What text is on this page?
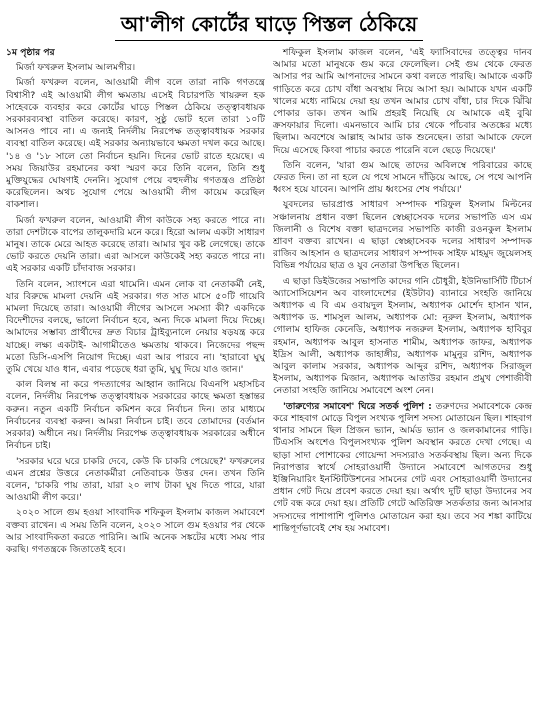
আ'লীগ কোর্টের ঘাড়ে পিস্তল ঠেকিয়ে

১ম পৃষ্ঠার পর

মির্জা ফখরুল ইসলাম আলমগীর।

মির্জা ফখরুল বলেন, আওয়ামী লীগ বলে তারা নাকি গণতন্ত্রে বিশ্বাসী? এই আওয়ামী লীগ ক্ষমতায় এসেই বিচারপতি খায়রুল হক সাহেবকে ব্যবহার করে কোর্টের ঘাড়ে পিস্তল ঠেকিয়ে তত্ত্বাবধায়ক সরকারব্যবস্থা বাতিল করেছে। কারণ, সুষ্ঠু ভোট হলে তারা ১০টি আসনও পাবে না। এ জন্যই নির্দলীয় নিরপেক্ষ তত্ত্বাবধায়ক সরকার ব্যবস্থা বাতিল করেছে। এই সরকার অন্যায়ভাবে ক্ষমতা দখল করে আছে। '১৪ ও '১৮ সালে তো নির্বাচন হয়নি। দিনের ভোট রাতে হয়েছে। এ সময় জিয়াউর রহমানের কথা স্মরণ করে তিনি বলেন, তিনি শুধু মুক্তিযুদ্ধের ঘোষণাই দেননি। সুযোগ পেয়ে বহুদলীয় গণতন্ত্রও প্রতিষ্ঠা করেছিলেন। অথচ সুযোগ পেয়ে আওয়ামী লীগ কায়েম করেছিল বাকশাল।

মির্জা ফখরুল বলেন, আওয়ামী লীগ কাউকে সহ্য করতে পারে না। তারা দেশটাকে বাপের তালুকদারি মনে করে। হিরো আলম একটা সাধারণ মানুষ। তাকে মেরে আহত করেছে তারা। আমার খুব কষ্ট লেগেছে। তাকে ভোট করতে দেয়নি তারা। এরা আসলে কাউকেই সহ্য করতে পারে না। এই সরকার একটি চাঁদাবাজ সরকার।

তিনি বলেন, স্যাংশনে এরা থামেনি। এমন লোক বা নেতাকর্মী নেই, যার বিরুদ্ধে মামলা দেয়নি এই সরকার। গত সাত মাসে ৫০টি গায়েবি মামলা দিয়েছে তারা। আওয়ামী লীগের আসলে সমস্যা কী? একদিকে বিদেশীদের বলছে, ভালো নির্বাচন হবে, অন্য দিকে মামলা দিয়ে দিচ্ছে। আমাদের সম্ভাব্য প্রার্থীদের দ্রুত বিচার ট্রাইব্যুনালে নেয়ার ষড়যন্ত্র করে যাচ্ছে। লক্ষ্য একটাই- আগামীতেও ক্ষমতায় থাকবে। নিজেদের পছন্দ মতো ডিসি-এসপি নিয়োগ দিচ্ছে। এরা আর পারবে না। 'হারাবো ঘুঘু তুমি খেয়ে যাও ধান, এবার পড়েছে ধরা তুমি, ঘুঘু দিয়ে যাও জান।'

কাল বিলম্ব না করে পদত্যাগের আহ্বান জানিয়ে বিএনপি মহাসচিব বলেন, নির্দলীয় নিরপেক্ষ তত্ত্বাবধায়ক সরকারের কাছে ক্ষমতা হস্তান্তর করুন। নতুন একটি নির্বাচন কমিশন করে নির্বাচন দিন। তার মাধ্যমে নির্বাচনের ব্যবস্থা করুন। আমরা নির্বাচন চাই। তবে তোমাদের (বর্তমান সরকার) অধীনে নয়। নির্দলীয় নিরপেক্ষ তত্ত্বাবধায়ক সরকারের অধীনে নির্বাচন চাই।

'সরকার ঘরে ঘরে চাকরি দেবে, কেউ কি চাকরি পেয়েছে?' ফখরুলের এমন প্রশ্নের উত্তরে নেতাকর্মীরা নেতিবাচক উত্তর দেন। তখন তিনি বলেন, 'চাকরি পায় তারা, যারা ২০ লাখ টাকা ঘুষ দিতে পারে, যারা আওয়ামী লীগ করে।'

২০২০ সালে গুম হওয়া সাংবাদিক শফিকুল ইসলাম কাজল সমাবেশে বক্তব্য রাখেন। এ সময় তিনি বলেন, ২০২০ সালে গুম হওয়ার পর থেকে আর সাংবাদিকতা করতে পারিনি। আমি অনেক সঙ্কটের মধ্যে সময় পার করছি। গণতন্ত্রকে জিতাতেই হবে।

শফিকুল ইসলাম কাজল বলেন, 'এই ফ্যাসিবাদের তত্ত্বের দানব আমার মতো মানুষকে গুম করে ফেলেছিল। সেই গুম থেকে ফেরত আসার পর আমি আপনাদের সামনে কথা বলতে পারছি। আমাকে একটি গাড়িতে করে চোখ বাঁধা অবস্থায় নিয়ে আসা হয়। আমাকে যখন একটি খালের মধ্যে নামিয়ে দেয়া হয় তখন আমার চোখ বাঁধা, চার দিকে ঝিঁঝি পোকার ডাক। তখন আমি প্রহরই নিয়েছি যে আমাকে এই বুঝি ক্রসফায়ার দিলো। এমনভাবে আমি চার থেকে পাঁচবার অতঙ্কের মধ্যে ছিলাম। অবশেষে আল্লাহ আমার ডাক শুনেছেন। তারা আমাকে ফেলে দিয়ে এসেছে কিংবা পাচার করতে পারেনি বলে ছেড়ে দিয়েছে।'

তিনি বলেন, 'যারা গুম আছে তাদের অবিলম্বে পরিবারের কাছে ফেরত দিন। তা না হলে যে পথে সামনে দাঁড়িয়ে আছে, সে পথে আপনি ধ্বংস হয়ে যাবেন। আপনি প্রায় ধ্বংসের শেষ পর্যায়ে।'

যুবদলের ভারপ্রাপ্ত সাধারণ সম্পাদক শরিফুল ইসলাম মিল্টনের সঞ্চালনায় প্রধান বক্তা ছিলেন স্বেচ্ছাসেবক দলের সভাপতি এস এম জিলানী ও বিশেষ বক্তা ছাত্রদলের সভাপতি কাজী রওনকুল ইসলাম শ্রাবণ বক্তব্য রাখেন। এ ছাড়া স্বেচ্ছাসেবক দলের সাধারণ সম্পাদক রাজিব আহসান ও ছাত্রদলের সাধারণ সম্পাদক সাইফ মাহমুদ জুয়েলসহ বিভিন্ন পর্যায়ের ছাত্র ও যুব নেতারা উপস্থিত ছিলেন।

এ ছাড়া ডিইউজের সভাপতি কাদের গনি চৌধুরী, ইউনিভার্সিটি টিচার্স অ্যাসোসিয়েশন অব বাংলাদেশের (ইউটাব) ব্যানারে সংহতি জানিয়ে অধ্যাপক এ বি এম ওবায়দুল ইসলাম, অধ্যাপক মোর্শেদ হাসান খান, অধ্যাপক ড. শামসুল আলম, অধ্যাপক মো: নূরুল ইসলাম, অধ্যাপক গোলাম হাফিজ কেনেডি, অধ্যাপক নজরুল ইসলাম, অধ্যাপক হাবিবুর রহমান, অধ্যাপক আবুল হাসনাত শামীম, অধ্যাপক জাফর, অধ্যাপক ইদ্রিস আলী, অধ্যাপক জাহাঙ্গীর, অধ্যাপক মামুনুর রশিদ, অধ্যাপক আবুল কালাম সরকার, অধ্যাপক আব্দুর রশিদ, অধ্যাপক সিরাজুল ইসলাম, অধ্যাপক মিজান, অধ্যাপক আতাউর রহমান প্রমুখ পেশাজীবী নেতারা সংহতি জানিয়ে সমাবেশে অংশ নেন।

'তারুণ্যের সমাবেশ' ঘিরে সতর্ক পুলিশ : তরুণদের সমাবেশকে কেন্দ্র করে শাহবাগ মোড়ে বিপুল সংখ্যক পুলিশ সদস্য মোতায়েন ছিল। শাহবাগ থানার সামনে ছিল প্রিজন ভ্যান, আর্মড ভ্যান ও জলকামানের গাড়ি। টিএসসি অংশেও বিপুলসংখ্যক পুলিশ অবস্থান করতে দেখা গেছে। এ ছাড়া সাদা পোশাকের গোয়েন্দা সদস্যরাও সতর্কবস্থায় ছিল। অন্য দিকে নিরাপত্তার স্বার্থে সোহরাওয়ার্দী উদ্যানে সমাবেশে আগতদের শুধু ইঞ্জিনিয়ারিং ইনস্টিটিউশনের সামনের গেট এবং সোহরাওয়ার্দী উদ্যানের প্রধান গেট দিয়ে প্রবেশ করতে দেয়া হয়। অর্থাৎ দুটি ছাড়া উদ্যানের সব গেট বন্ধ করে দেয়া হয়। প্রতিটি গেটে অতিরিক্ত সতর্কতার জন্য আনসার সদস্যদের পাশাপাশি পুলিশও মোতায়েন করা হয়। তবে সব শঙ্কা কাটিয়ে শান্তিপূর্ণভাবেই শেষ হয় সমাবেশ।
